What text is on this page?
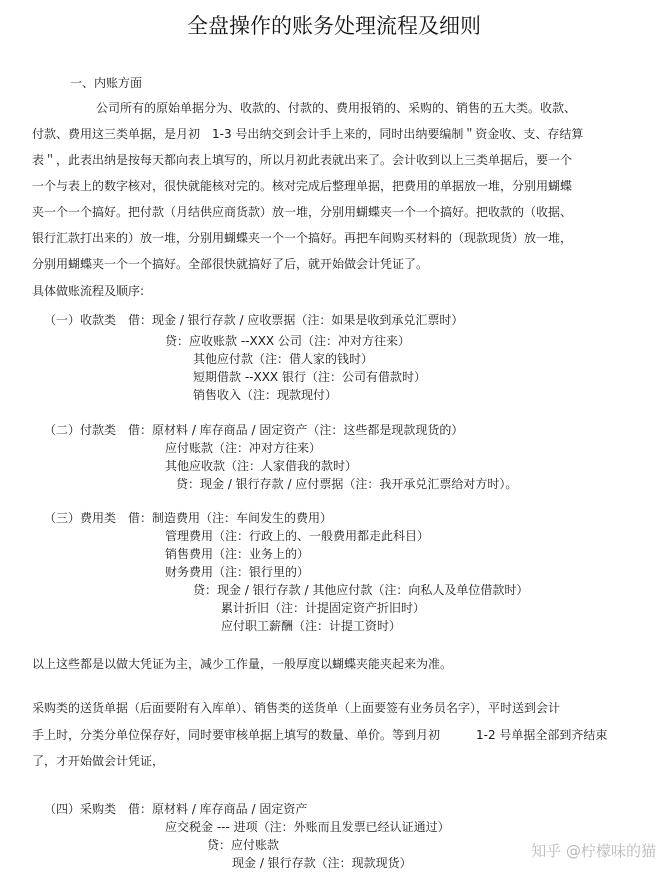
全盘操作的账务处理流程及细则
一、内账方面
公司所有的原始单据分为、收款的、付款的、费用报销的、采购的、销售的五大类。收款、
付款、费用这三类单据，是月初　1-3 号出纳交到会计手上来的，同时出纳要编制＂资金收、支、存结算
表＂，此表出纳是按每天都向表上填写的，所以月初此表就出来了。会计收到以上三类单据后，要一个
一个与表上的数字核对，很快就能核对完的。核对完成后整理单据，把费用的单据放一堆，分别用蝴蝶
夹一个一个搞好。把付款（月结供应商货款）放一堆，分别用蝴蝶夹一个一个搞好。把收款的（收据、
银行汇款打出来的）放一堆，分别用蝴蝶夹一个一个搞好。再把车间购买材料的（现款现货）放一堆，
分别用蝴蝶夹一个一个搞好。全部很快就搞好了后，就开始做会计凭证了。
具体做账流程及顺序:
（一）收款类　借：现金 / 银行存款 / 应收票据（注：如果是收到承兑汇票时）
贷：应收账款 --XXX 公司（注：冲对方往来）
其他应付款（注：借人家的钱时）
短期借款 --XXX 银行（注：公司有借款时）
销售收入（注：现款现付）
（二）付款类　借：原材料 / 库存商品 / 固定资产（注：这些都是现款现货的）
应付账款（注：冲对方往来）
其他应收款（注：人家借我的款时）
贷：现金 / 银行存款 / 应付票据（注：我开承兑汇票给对方时）。
（三）费用类　借：制造费用（注：车间发生的费用）
管理费用（注：行政上的、一般费用都走此科目）
销售费用（注：业务上的）
财务费用（注：银行里的）
贷：现金 / 银行存款 / 其他应付款（注：向私人及单位借款时）
累计折旧（注：计提固定资产折旧时）
应付职工薪酬（注：计提工资时）
以上这些都是以做大凭证为主，减少工作量，一般厚度以蝴蝶夹能夹起来为准。
采购类的送货单据（后面要附有入库单）、销售类的送货单（上面要签有业务员名字），平时送到会计
手上时，分类分单位保存好，同时要审核单据上填写的数量、单价。等到月初　　　1-2 号单据全部到齐结束
了，才开始做会计凭证，
（四）采购类　借：原材料 / 库存商品 / 固定资产
应交税金 --- 进项（注：外账而且发票已经认证通过）
贷：应付账款
现金 / 银行存款（注：现款现货）
知乎 @柠檬味的猫
